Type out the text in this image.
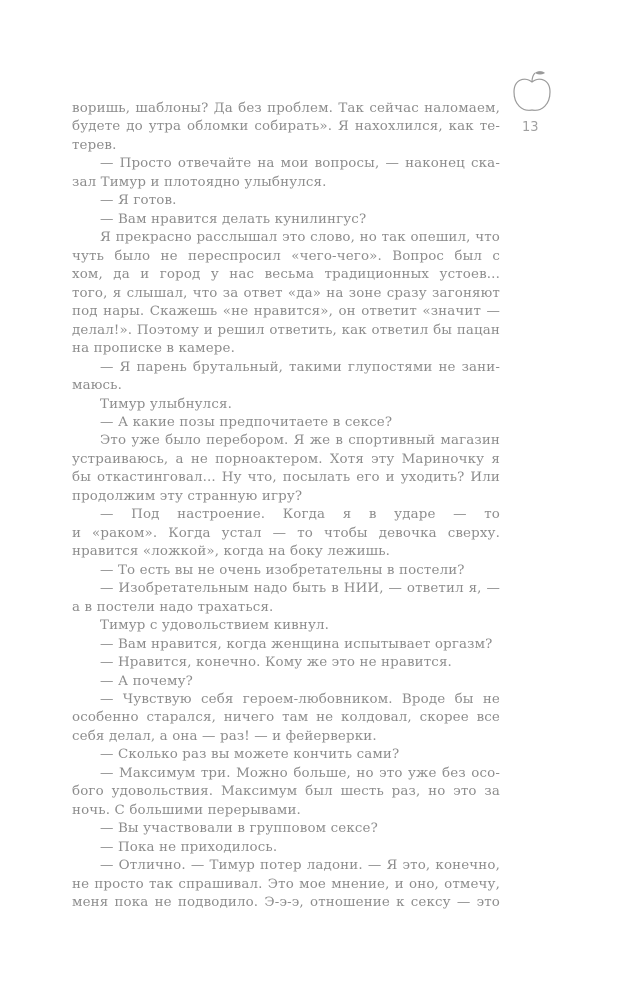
13
воришь, шаблоны? Да без проблем. Так сейчас наломаем,
будете до утра обломки собирать». Я нахохлился, как те-
терев.
— Просто отвечайте на мои вопросы, — наконец ска-
зал Тимур и плотоядно улыбнулся.
— Я готов.
— Вам нравится делать кунилингус?
Я прекрасно расслышал это слово, но так опешил, что
чуть было не переспросил «чего-чего». Вопрос был с
хом, да и город у нас весьма традиционных устоев...
того, я слышал, что за ответ «да» на зоне сразу загоняют
под нары. Скажешь «не нравится», он ответит «значит —
делал!». Поэтому и решил ответить, как ответил бы пацан
на прописке в камере.
— Я парень брутальный, такими глупостями не зани-
маюсь.
Тимур улыбнулся.
— А какие позы предпочитаете в сексе?
Это уже было перебором. Я же в спортивный магазин
устраиваюсь, а не порноактером. Хотя эту Мариночку я
бы откастинговал... Ну что, посылать его и уходить? Или
продолжим эту странную игру?
— Под настроение. Когда я в ударе — то
и «раком». Когда устал — то чтобы девочка сверху.
нравится «ложкой», когда на боку лежишь.
— То есть вы не очень изобретательны в постели?
— Изобретательным надо быть в НИИ, — ответил я, —
а в постели надо трахаться.
Тимур с удовольствием кивнул.
— Вам нравится, когда женщина испытывает оргазм?
— Нравится, конечно. Кому же это не нравится.
— А почему?
— Чувствую себя героем-любовником. Вроде бы не
особенно старался, ничего там не колдовал, скорее все
себя делал, а она — раз! — и фейерверки.
— Сколько раз вы можете кончить сами?
— Максимум три. Можно больше, но это уже без осо-
бого удовольствия. Максимум был шесть раз, но это за
ночь. С большими перерывами.
— Вы участвовали в групповом сексе?
— Пока не приходилось.
— Отлично. — Тимур потер ладони. — Я это, конечно,
не просто так спрашивал. Это мое мнение, и оно, отмечу,
меня пока не подводило. Э-э-э, отношение к сексу — это
